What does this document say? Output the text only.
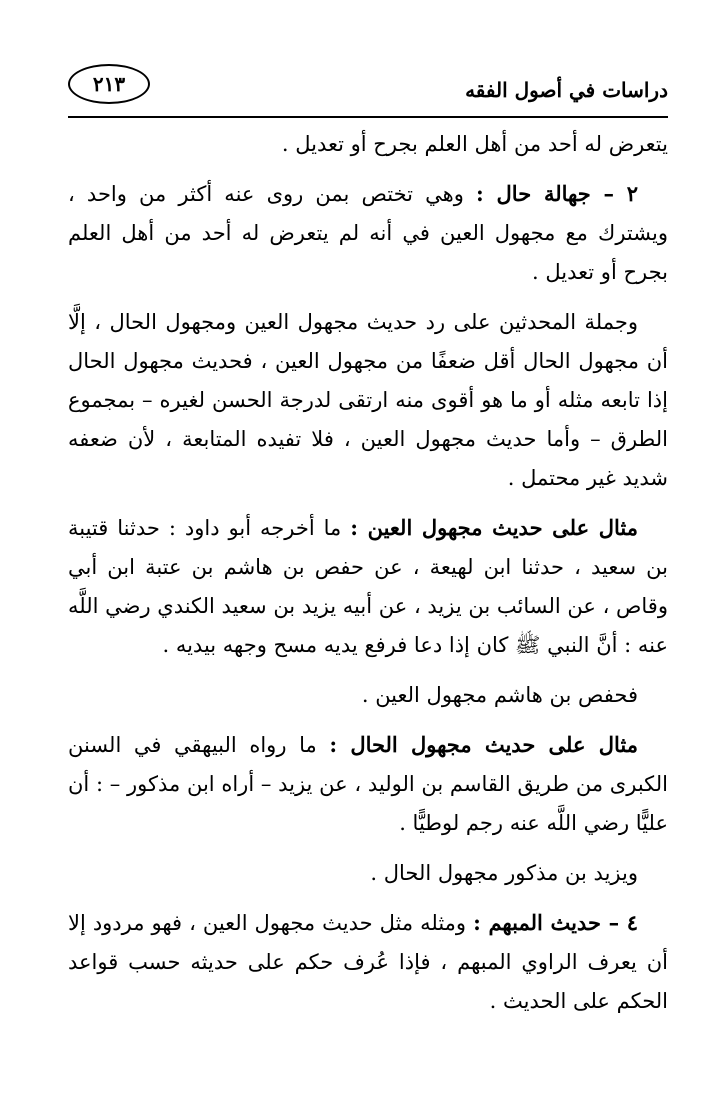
دراسات في أصول الفقه
٢١٣

يتعرض له أحد من أهل العلم بجرح أو تعديل .

٢ – جهالة حال : وهي تختص بمن روى عنه أكثر من واحد ، ويشترك مع مجهول العين في أنه لم يتعرض له أحد من أهل العلم بجرح أو تعديل .

وجملة المحدثين على رد حديث مجهول العين ومجهول الحال ، إلَّا أن مجهول الحال أقل ضعفًا من مجهول العين ، فحديث مجهول الحال إذا تابعه مثله أو ما هو أقوى منه ارتقى لدرجة الحسن لغيره – بمجموع الطرق – وأما حديث مجهول العين ، فلا تفيده المتابعة ، لأن ضعفه شديد غير محتمل .

مثال على حديث مجهول العين : ما أخرجه أبو داود : حدثنا قتيبة بن سعيد ، حدثنا ابن لهيعة ، عن حفص بن هاشم بن عتبة ابن أبي وقاص ، عن السائب بن يزيد ، عن أبيه يزيد بن سعيد الكندي رضي اللَّه عنه : أنَّ النبي ﷺ كان إذا دعا فرفع يديه مسح وجهه بيديه .

فحفص بن هاشم مجهول العين .

مثال على حديث مجهول الحال : ما رواه البيهقي في السنن الكبرى من طريق القاسم بن الوليد ، عن يزيد – أراه ابن مذكور – : أن عليًّا رضي اللَّه عنه رجم لوطيًّا .

ويزيد بن مذكور مجهول الحال .

٤ – حديث المبهم : ومثله مثل حديث مجهول العين ، فهو مردود إلا أن يعرف الراوي المبهم ، فإذا عُرف حكم على حديثه حسب قواعد الحكم على الحديث .
